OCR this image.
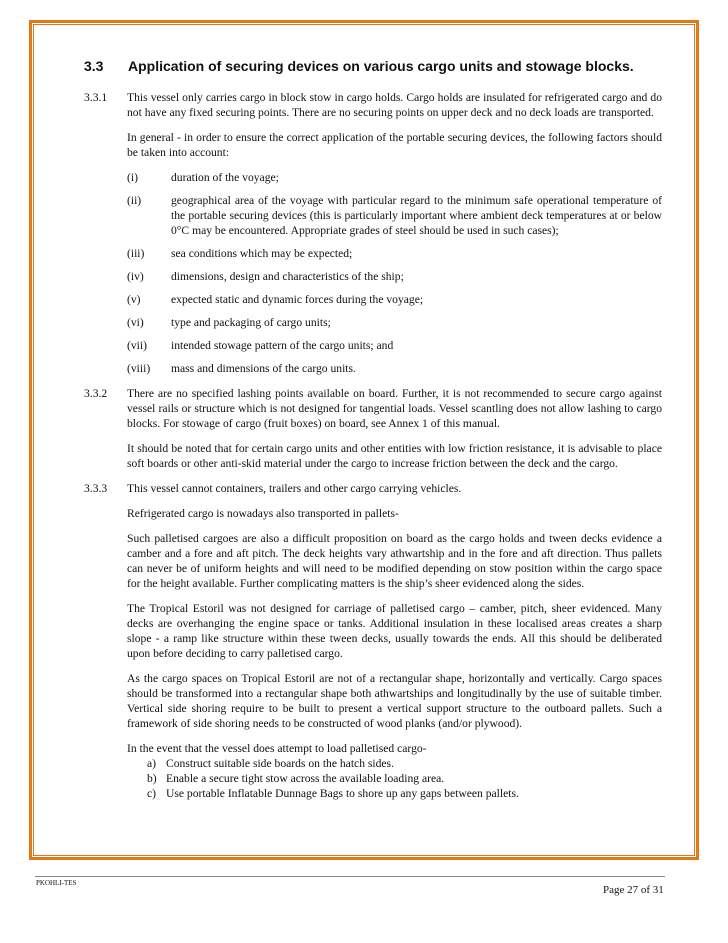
3.3 Application of securing devices on various cargo units and stowage blocks.
3.3.1 This vessel only carries cargo in block stow in cargo holds. Cargo holds are insulated for refrigerated cargo and do not have any fixed securing points. There are no securing points on upper deck and no deck loads are transported.

In general - in order to ensure the correct application of the portable securing devices, the following factors should be taken into account:

(i)	duration of the voyage;
(ii)	geographical area of the voyage with particular regard to the minimum safe operational temperature of the portable securing devices (this is particularly important where ambient deck temperatures at or below 0°C may be encountered. Appropriate grades of steel should be used in such cases);
(iii)	sea conditions which may be expected;
(iv)	dimensions, design and characteristics of the ship;
(v)	expected static and dynamic forces during the voyage;
(vi)	type and packaging of cargo units;
(vii)	intended stowage pattern of the cargo units; and
(viii)	mass and dimensions of the cargo units.
3.3.2 There are no specified lashing points available on board. Further, it is not recommended to secure cargo against vessel rails or structure which is not designed for tangential loads. Vessel scantling does not allow lashing to cargo blocks. For stowage of cargo (fruit boxes) on board, see Annex 1 of this manual.

It should be noted that for certain cargo units and other entities with low friction resistance, it is advisable to place soft boards or other anti-skid material under the cargo to increase friction between the deck and the cargo.

3.3.3 This vessel cannot containers, trailers and other cargo carrying vehicles.

Refrigerated cargo is nowadays also transported in pallets-

Such palletised cargoes are also a difficult proposition on board as the cargo holds and tween decks evidence a camber and a fore and aft pitch. The deck heights vary athwartship and in the fore and aft direction. Thus pallets can never be of uniform heights and will need to be modified depending on stow position within the cargo space for the height available. Further complicating matters is the ship’s sheer evidenced along the sides.

The Tropical Estoril was not designed for carriage of palletised cargo – camber, pitch, sheer evidenced. Many decks are overhanging the engine space or tanks. Additional insulation in these localised areas creates a sharp slope - a ramp like structure within these tween decks, usually towards the ends. All this should be deliberated upon before deciding to carry palletised cargo.

As the cargo spaces on Tropical Estoril are not of a rectangular shape, horizontally and vertically. Cargo spaces should be transformed into a rectangular shape both athwartships and longitudinally by the use of suitable timber. Vertical side shoring require to be built to present a vertical support structure to the outboard pallets. Such a framework of side shoring needs to be constructed of wood planks (and/or plywood).

In the event that the vessel does attempt to load palletised cargo-

a) Construct suitable side boards on the hatch sides.
b) Enable a secure tight stow across the available loading area.
c) Use portable Inflatable Dunnage Bags to shore up any gaps between pallets.
PKOHLI-TES
Page 27 of 31
